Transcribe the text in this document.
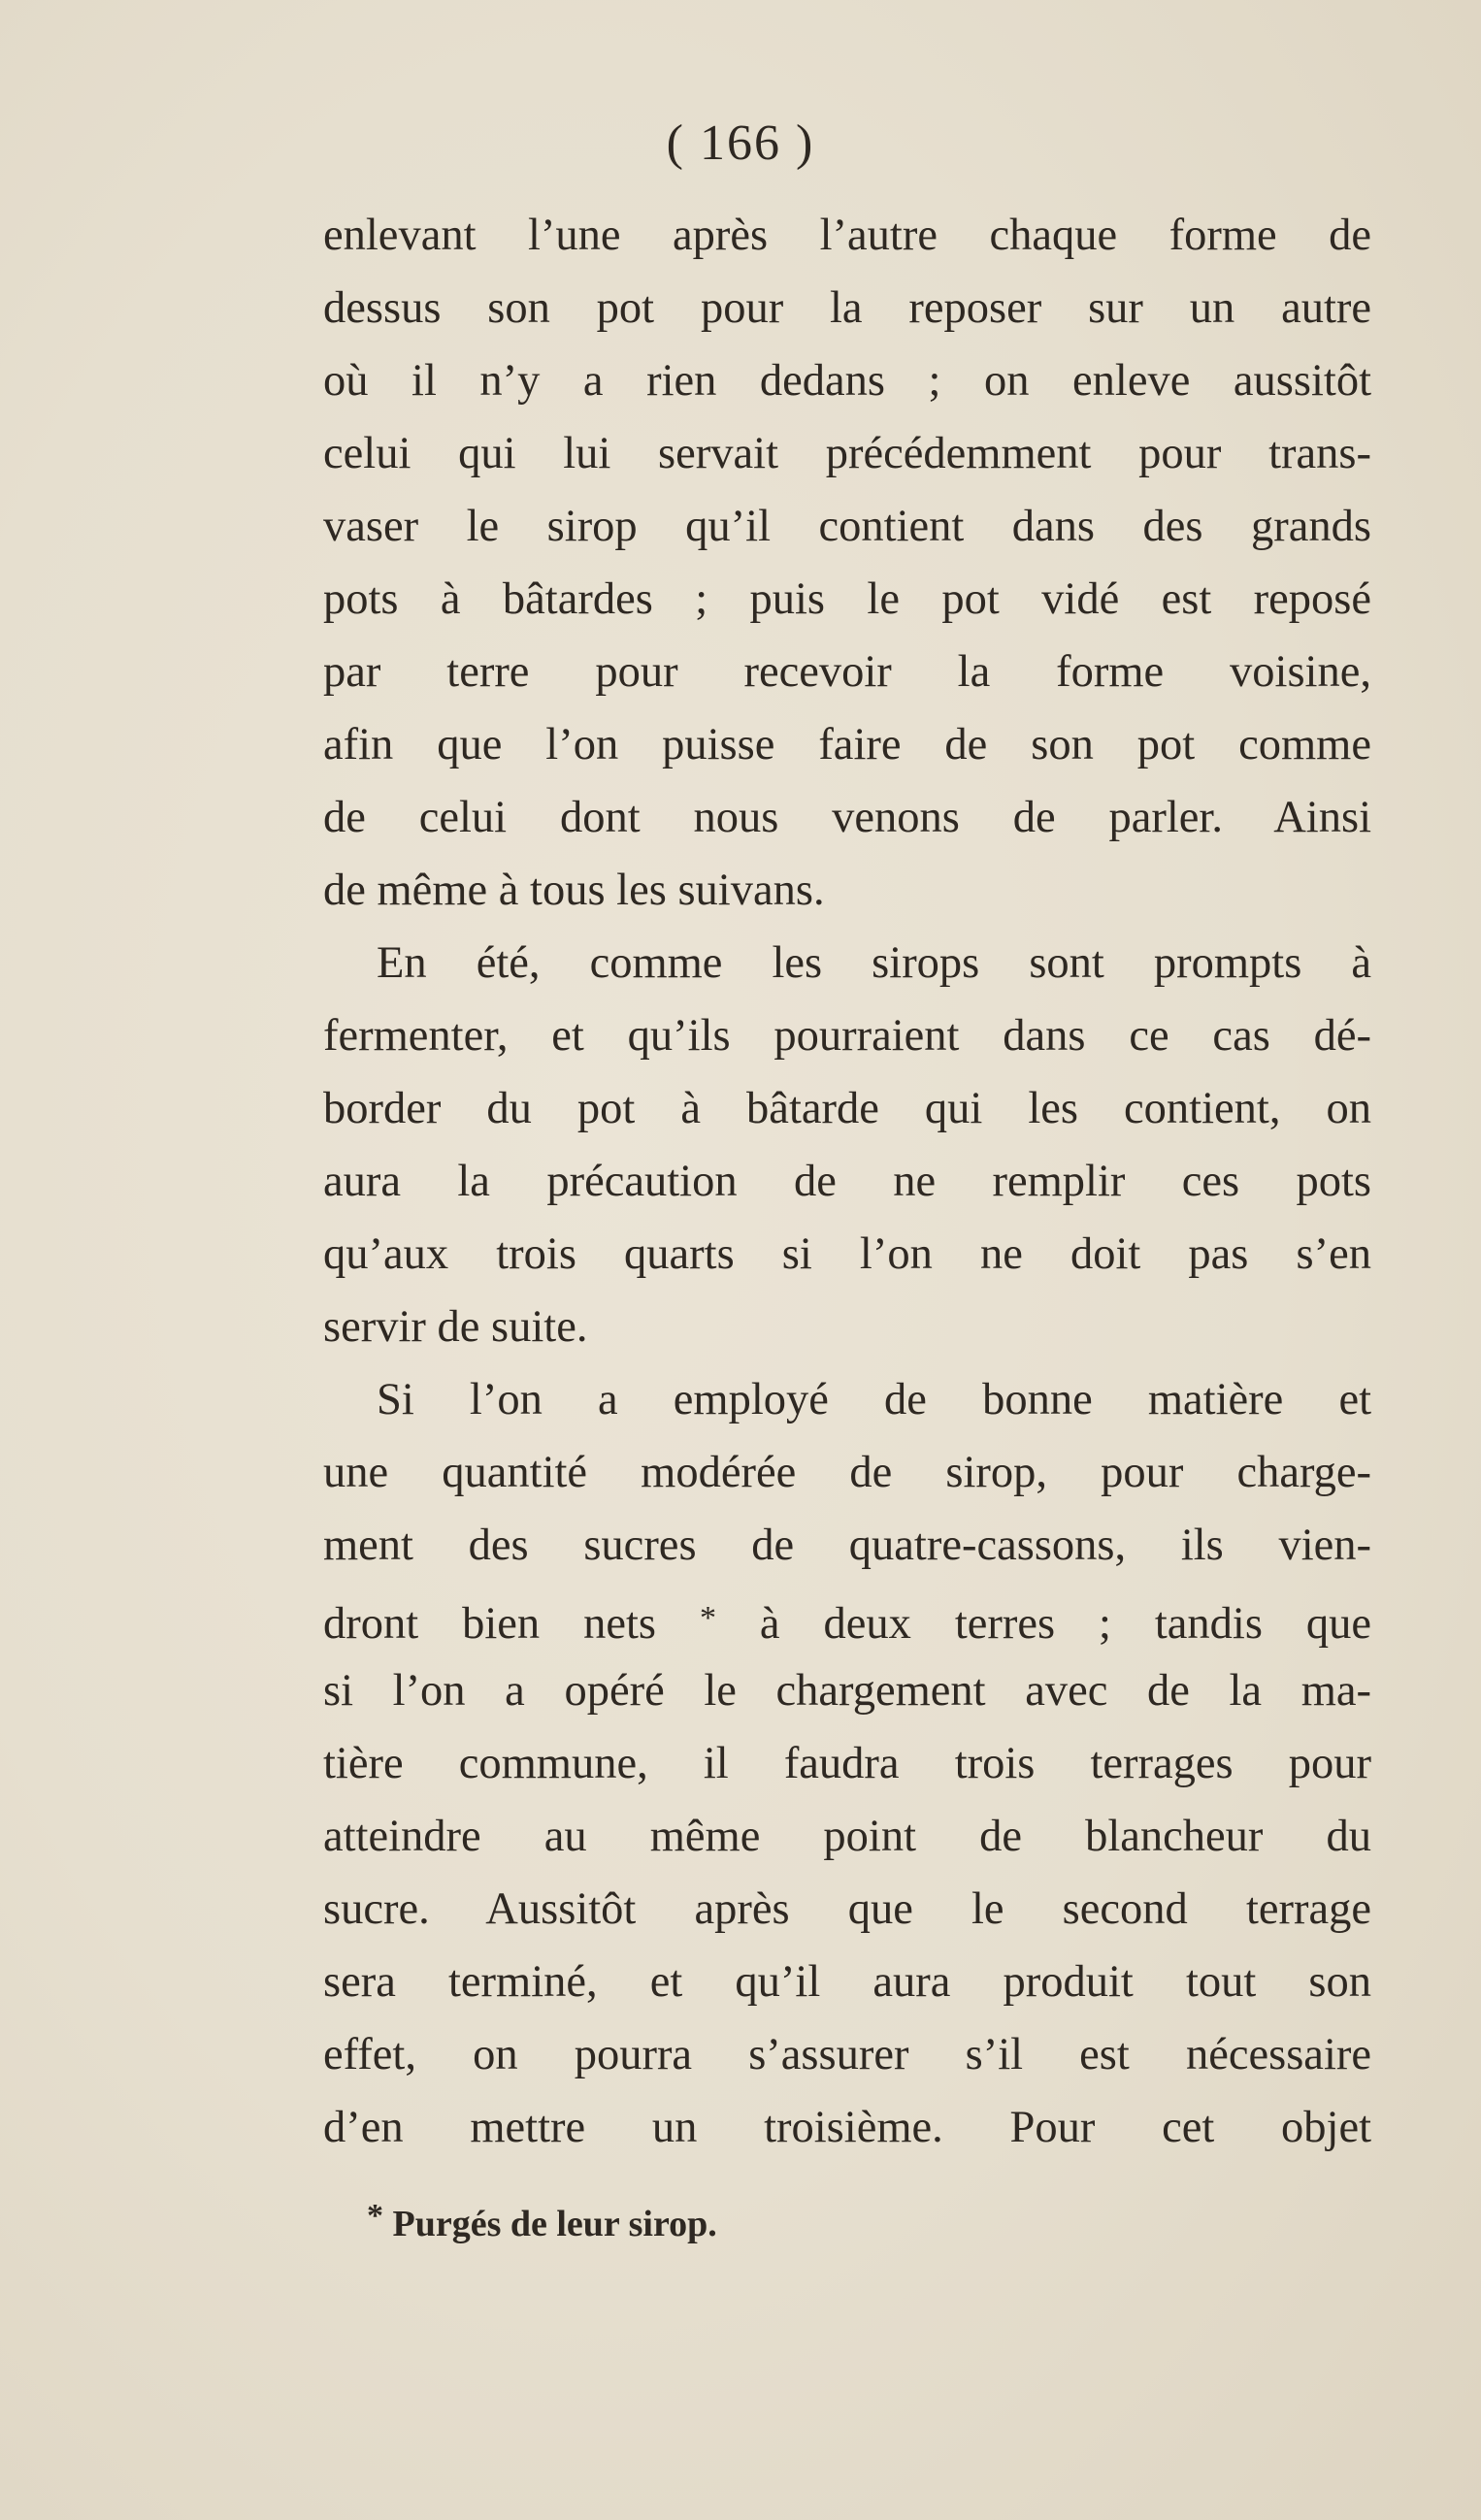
( 166 )
enlevant l’une après l’autre chaque forme de
dessus son pot pour la reposer sur un autre
où il n’y a rien dedans ; on enleve aussitôt
celui qui lui servait précédemment pour trans-
vaser le sirop qu’il contient dans des grands
pots à bâtardes ; puis le pot vidé est reposé
par terre pour recevoir la forme voisine,
afin que l’on puisse faire de son pot comme
de celui dont nous venons de parler. Ainsi
de même à tous les suivans.
En été, comme les sirops sont prompts à
fermenter, et qu’ils pourraient dans ce cas dé-
border du pot à bâtarde qui les contient, on
aura la précaution de ne remplir ces pots
qu’aux trois quarts si l’on ne doit pas s’en
servir de suite.
Si l’on a employé de bonne matière et
une quantité modérée de sirop, pour charge-
ment des sucres de quatre-cassons, ils vien-
dront bien nets * à deux terres ; tandis que
si l’on a opéré le chargement avec de la ma-
tière commune, il faudra trois terrages pour
atteindre au même point de blancheur du
sucre. Aussitôt après que le second terrage
sera terminé, et qu’il aura produit tout son
effet, on pourra s’assurer s’il est nécessaire
d’en mettre un troisième. Pour cet objet
* Purgés de leur sirop.
